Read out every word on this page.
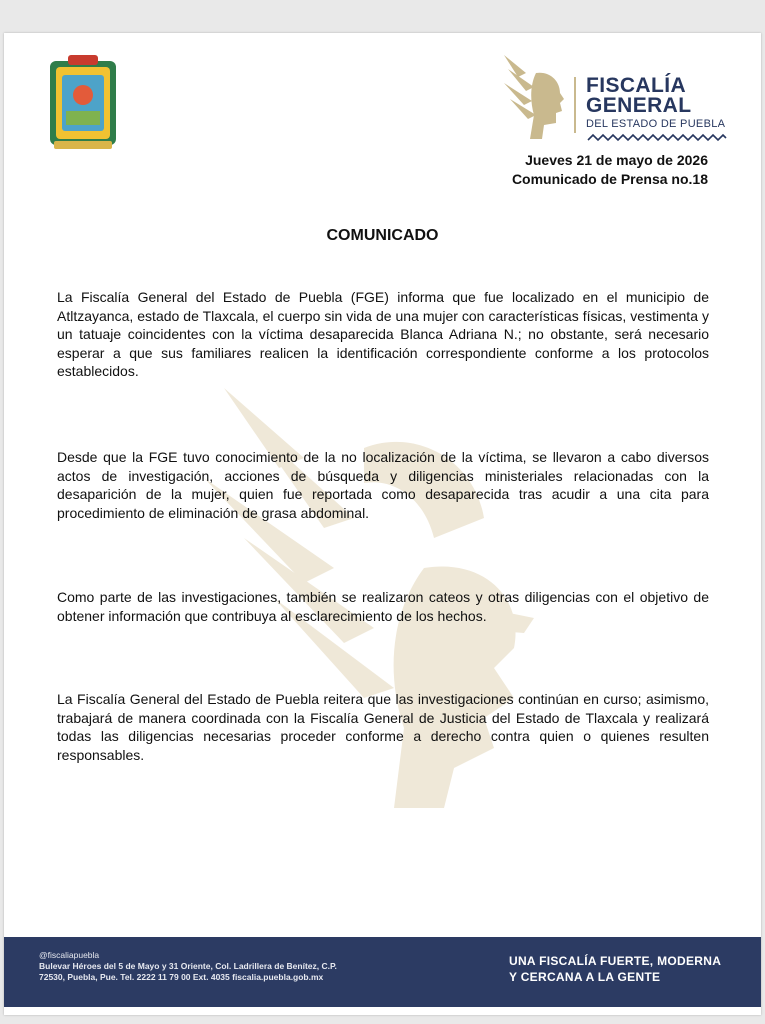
FISCALÍA
GENERAL
DEL ESTADO DE PUEBLA
Jueves 21 de mayo de 2026
Comunicado de Prensa no.18
COMUNICADO

La Fiscalía General del Estado de Puebla (FGE) informa que fue localizado en el municipio de Atltzayanca, estado de Tlaxcala, el cuerpo sin vida de una mujer con características físicas, vestimenta y un tatuaje coincidentes con la víctima desaparecida Blanca Adriana N.; no obstante, será necesario esperar a que sus familiares realicen la identificación correspondiente conforme a los protocolos establecidos.

Desde que la FGE tuvo conocimiento de la no localización de la víctima, se llevaron a cabo diversos actos de investigación, acciones de búsqueda y diligencias ministeriales relacionadas con la desaparición de la mujer, quien fue reportada como desaparecida tras acudir a una cita para procedimiento de eliminación de grasa abdominal.

Como parte de las investigaciones, también se realizaron cateos y otras diligencias con el objetivo de obtener información que contribuya al esclarecimiento de los hechos.

La Fiscalía General del Estado de Puebla reitera que las investigaciones continúan en curso; asimismo, trabajará de manera coordinada con la Fiscalía General de Justicia del Estado de Tlaxcala y realizará todas las diligencias necesarias proceder conforme a derecho contra quien o quienes resulten responsables.

@fiscaliapuebla
Bulevar Héroes del 5 de Mayo y 31 Oriente, Col. Ladrillera de Benítez, C.P.
72530, Puebla, Pue. Tel. 2222 11 79 00 Ext. 4035 fiscalia.puebla.gob.mx
UNA FISCALÍA FUERTE, MODERNA
Y CERCANA A LA GENTE
